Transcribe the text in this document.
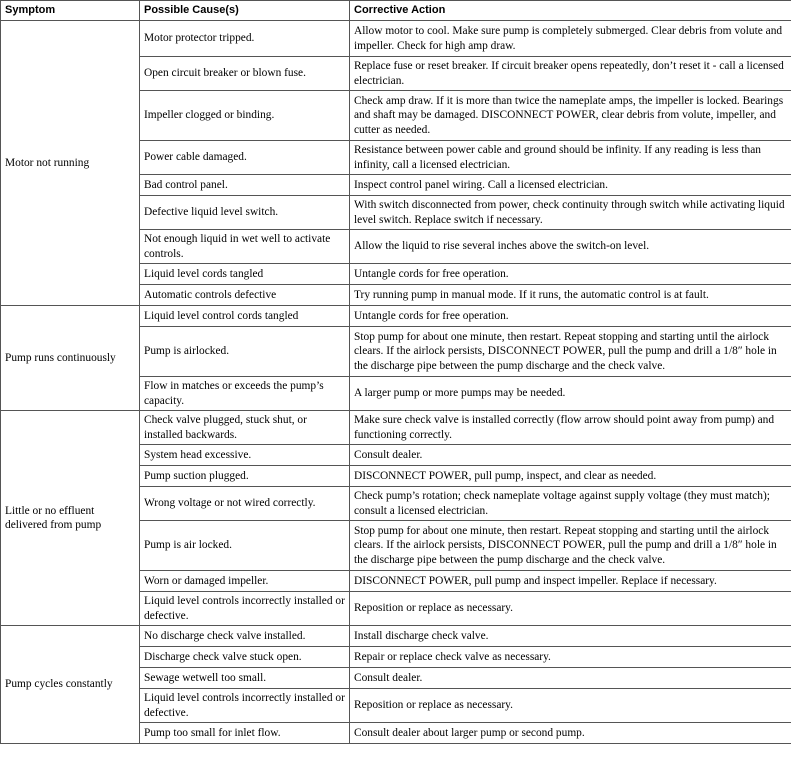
Symptom	Possible Cause(s)	Corrective Action
Motor not running	Motor protector tripped.	Allow motor to cool. Make sure pump is completely submerged. Clear debris from volute and impeller. Check for high amp draw.
	Open circuit breaker or blown fuse.	Replace fuse or reset breaker. If circuit breaker opens repeatedly, don’t reset it - call a licensed electrician.
	Impeller clogged or binding.	Check amp draw. If it is more than twice the nameplate amps, the impeller is locked. Bearings and shaft may be damaged. DISCONNECT POWER, clear debris from volute, impeller, and cutter as needed.
	Power cable damaged.	Resistance between power cable and ground should be infinity. If any reading is less than infinity, call a licensed electrician.
	Bad control panel.	Inspect control panel wiring. Call a licensed electrician.
	Defective liquid level switch.	With switch disconnected from power, check continuity through switch while activating liquid level switch. Replace switch if necessary.
	Not enough liquid in wet well to activate controls.	Allow the liquid to rise several inches above the switch-on level.
	Liquid level cords tangled	Untangle cords for free operation.
	Automatic controls defective	Try running pump in manual mode. If it runs, the automatic control is at fault.
Pump runs continuously	Liquid level control cords tangled	Untangle cords for free operation.
	Pump is airlocked.	Stop pump for about one minute, then restart. Repeat stopping and starting until the airlock clears. If the airlock persists, DISCONNECT POWER, pull the pump and drill a 1/8″ hole in the discharge pipe between the pump discharge and the check valve.
	Flow in matches or exceeds the pump’s capacity.	A larger pump or more pumps may be needed.
Little or no effluent delivered from pump	Check valve plugged, stuck shut, or installed backwards.	Make sure check valve is installed correctly (flow arrow should point away from pump) and functioning correctly.
	System head excessive.	Consult dealer.
	Pump suction plugged.	DISCONNECT POWER, pull pump, inspect, and clear as needed.
	Wrong voltage or not wired correctly.	Check pump’s rotation; check nameplate voltage against supply voltage (they must match); consult a licensed electrician.
	Pump is air locked.	Stop pump for about one minute, then restart. Repeat stopping and starting until the airlock clears. If the airlock persists, DISCONNECT POWER, pull the pump and drill a 1/8″ hole in the discharge pipe between the pump discharge and the check valve.
	Worn or damaged impeller.	DISCONNECT POWER, pull pump and inspect impeller. Replace if necessary.
	Liquid level controls incorrectly installed or defective.	Reposition or replace as necessary.
Pump cycles constantly	No discharge check valve installed.	Install discharge check valve.
	Discharge check valve stuck open.	Repair or replace check valve as necessary.
	Sewage wetwell too small.	Consult dealer.
	Liquid level controls incorrectly installed or defective.	Reposition or replace as necessary.
	Pump too small for inlet flow.	Consult dealer about larger pump or second pump.
